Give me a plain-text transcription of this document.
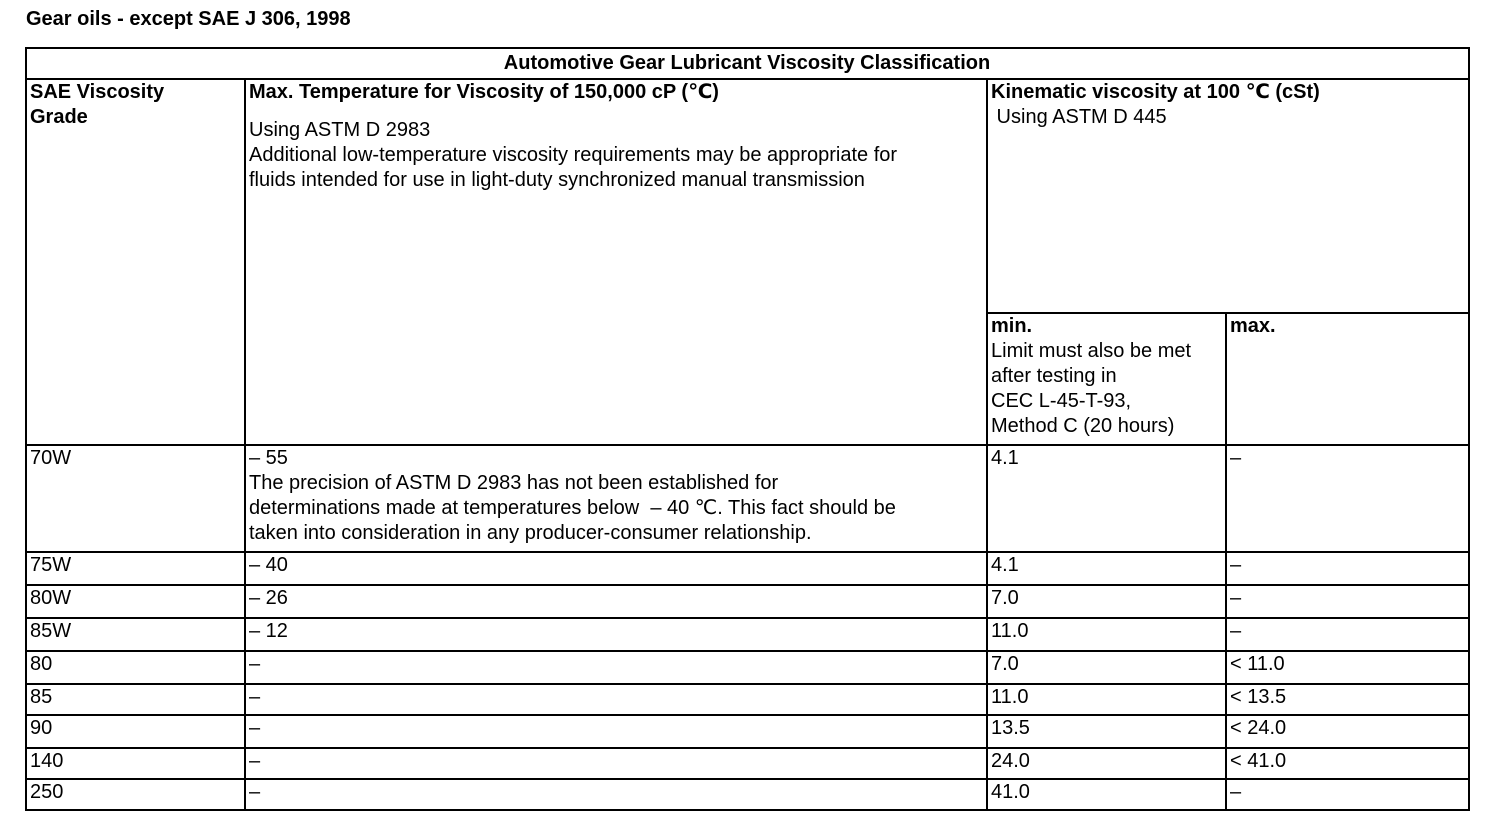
Gear oils - except SAE J 306, 1998
Automotive Gear Lubricant Viscosity Classification			
SAE Viscosity
Grade	Max. Temperature for Viscosity of 150,000 cP (℃)
Using ASTM D 2983
Additional low-temperature viscosity requirements may be appropriate for
fluids intended for use in light-duty synchronized manual transmission	Kinematic viscosity at 100 ℃ (cSt)
Using ASTM D 445	
		min.
Limit must also be met
after testing in
CEC L-45-T-93,
Method C (20 hours)	max.
70W	– 55
The precision of ASTM D 2983 has not been established for
determinations made at temperatures below  – 40 ℃. This fact should be
taken into consideration in any producer-consumer relationship.	4.1	–
75W	– 40	4.1	–
80W	– 26	7.0	–
85W	– 12	11.0	–
80	–	7.0	< 11.0
85	–	11.0	< 13.5
90	–	13.5	< 24.0
140	–	24.0	< 41.0
250	–	41.0	–
